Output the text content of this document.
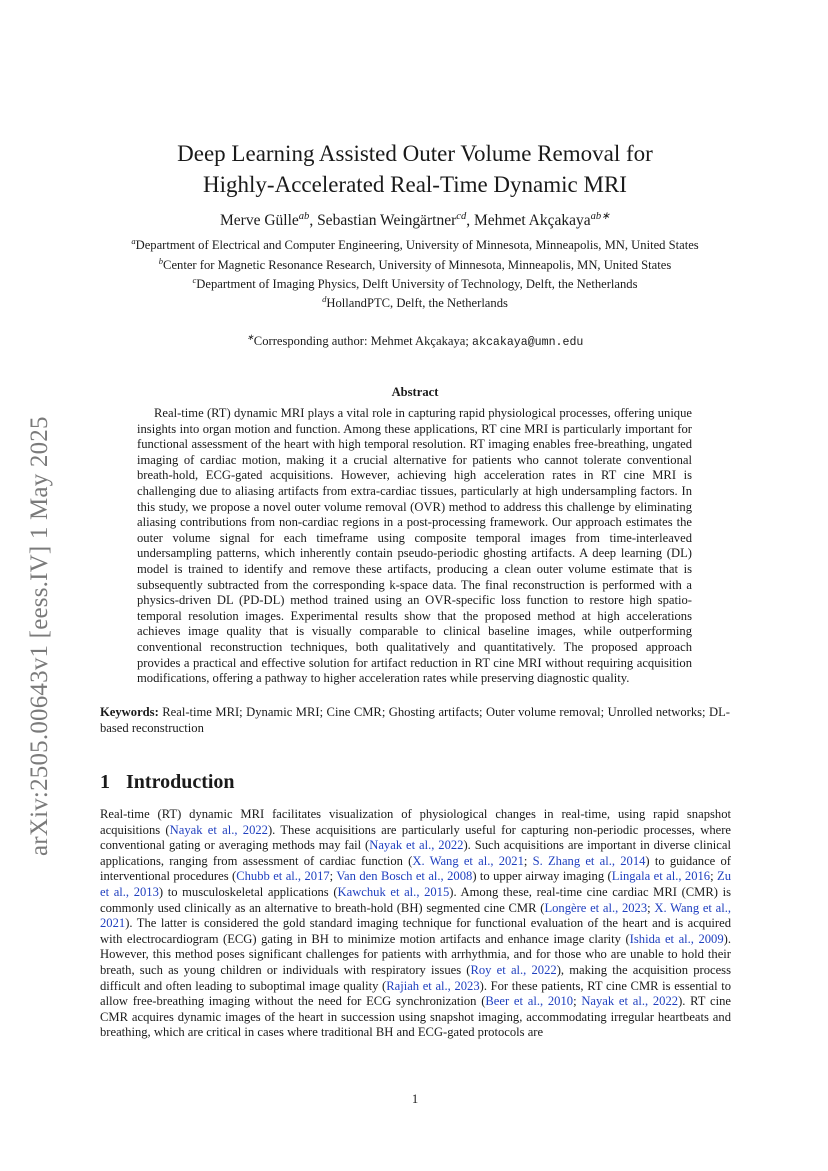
arXiv:2505.00643v1 [eess.IV] 1 May 2025
Deep Learning Assisted Outer Volume Removal for
Highly-Accelerated Real-Time Dynamic MRI
Merve Gülle$^{ab}$, Sebastian Weingärtner$^{cd}$, Mehmet Akçakaya$^{ab∗}$
$^a$Department of Electrical and Computer Engineering, University of Minnesota, Minneapolis, MN, United States
$^b$Center for Magnetic Resonance Research, University of Minnesota, Minneapolis, MN, United States
$^c$Department of Imaging Physics, Delft University of Technology, Delft, the Netherlands
$^d$HollandPTC, Delft, the Netherlands
∗Corresponding author: Mehmet Akçakaya; akcakaya@umn.edu
Abstract
Real-time (RT) dynamic MRI plays a vital role in capturing rapid physiological processes, offering unique insights into organ motion and function. Among these applications, RT cine MRI is particularly important for functional assessment of the heart with high temporal resolution. RT imaging enables free-breathing, ungated imaging of cardiac motion, making it a crucial alternative for patients who cannot tolerate conventional breath-hold, ECG-gated acquisitions. However, achieving high acceleration rates in RT cine MRI is challenging due to aliasing artifacts from extra-cardiac tissues, particularly at high undersampling factors. In this study, we propose a novel outer volume removal (OVR) method to address this challenge by eliminating aliasing contributions from non-cardiac regions in a post-processing framework. Our approach estimates the outer volume signal for each timeframe using composite temporal images from time-interleaved undersampling patterns, which inherently contain pseudo-periodic ghosting artifacts. A deep learning (DL) model is trained to identify and remove these artifacts, producing a clean outer volume estimate that is subsequently subtracted from the corresponding k-space data. The final reconstruction is performed with a physics-driven DL (PD-DL) method trained using an OVR-specific loss function to restore high spatio-temporal resolution images. Experimental results show that the proposed method at high accelerations achieves image quality that is visually comparable to clinical baseline images, while outperforming conventional reconstruction techniques, both qualitatively and quantitatively. The proposed approach provides a practical and effective solution for artifact reduction in RT cine MRI without requiring acquisition modifications, offering a pathway to higher acceleration rates while preserving diagnostic quality.
Keywords: Real-time MRI; Dynamic MRI; Cine CMR; Ghosting artifacts; Outer volume removal; Unrolled networks; DL-based reconstruction
1 Introduction
Real-time (RT) dynamic MRI facilitates visualization of physiological changes in real-time, using rapid snapshot acquisitions (Nayak et al., 2022). These acquisitions are particularly useful for capturing non-periodic processes, where conventional gating or averaging methods may fail (Nayak et al., 2022). Such acquisitions are important in diverse clinical applications, ranging from assessment of cardiac function (X. Wang et al., 2021; S. Zhang et al., 2014) to guidance of interventional procedures (Chubb et al., 2017; Van den Bosch et al., 2008) to upper airway imaging (Lingala et al., 2016; Zu et al., 2013) to musculoskeletal applications (Kawchuk et al., 2015). Among these, real-time cine cardiac MRI (CMR) is commonly used clinically as an alternative to breath-hold (BH) segmented cine CMR (Longère et al., 2023; X. Wang et al., 2021). The latter is considered the gold standard imaging technique for functional evaluation of the heart and is acquired with electrocardiogram (ECG) gating in BH to minimize motion artifacts and enhance image clarity (Ishida et al., 2009). However, this method poses significant challenges for patients with arrhythmia, and for those who are unable to hold their breath, such as young children or individuals with respiratory issues (Roy et al., 2022), making the acquisition process difficult and often leading to suboptimal image quality (Rajiah et al., 2023). For these patients, RT cine CMR is essential to allow free-breathing imaging without the need for ECG synchronization (Beer et al., 2010; Nayak et al., 2022). RT cine CMR acquires dynamic images of the heart in succession using snapshot imaging, accommodating irregular heartbeats and breathing, which are critical in cases where traditional BH and ECG-gated protocols are
1
